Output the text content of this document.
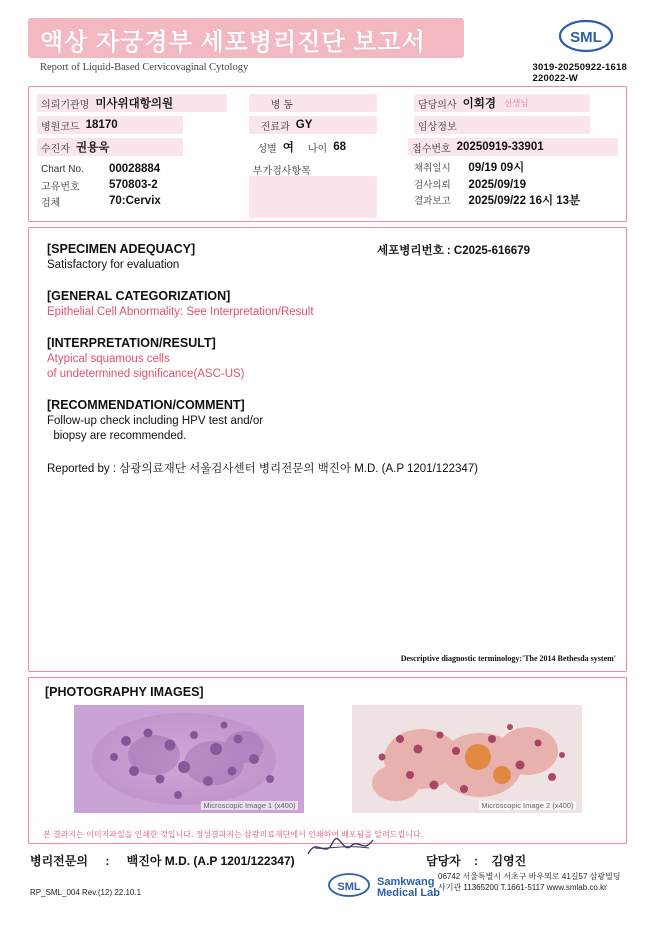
액상 자궁경부 세포병리진단 보고서
Report of Liquid-Based Cervicovaginal Cytology
SML
3019-20250922-1618
220022-W
의뢰기관명 미사위대항의원	병 동	담당의사 이회경 선생님
병원코드 18170	진료과 GY	임상정보
수진자 권용욱	성별 여	나이 68	접수번호 20250919-33901
Chart No.	00028884
고유번호	570803-2
검체	70:Cervix
부가검사항목	채취일시 09/19 09시
검사의뢰 2025/09/19
결과보고 2025/09/22 16시 13분
세포병리번호 : C2025-616679
[SPECIMEN ADEQUACY]
Satisfactory for evaluation
[GENERAL CATEGORIZATION]
Epithelial Cell Abnormality: See Interpretation/Result
[INTERPRETATION/RESULT]
Atypical squamous cells
of undetermined significance(ASC-US)
[RECOMMENDATION/COMMENT]
Follow-up check including HPV test and/or
biopsy are recommended.
Reported by : 삼광의료재단 서울검사센터 병리전문의 백진아 M.D. (A.P 1201/122347)
Descriptive diagnostic terminology:'The 2014 Bethesda system'
[PHOTOGRAPHY IMAGES]
Microscopic Image 1 (x400)	Microscopic Image 2 (x400)
본 결과지는 이미지파일을 인쇄한 것입니다. 정성결과지는 삼광의료재단에서 인쇄하여 배포됨을 알려드립니다.
병리전문의 : 백진아 M.D. (A.P 1201/122347)	담당자 : 김영진
SML Samkwang
Medical Lab
06742 서울특별시 서초구 바우뫼로 41길57 삼광빌딩
사기관 11365200 T.1661-5117 www.smlab.co.kr
RP_SML_004 Rev.(12) 22.10.1
